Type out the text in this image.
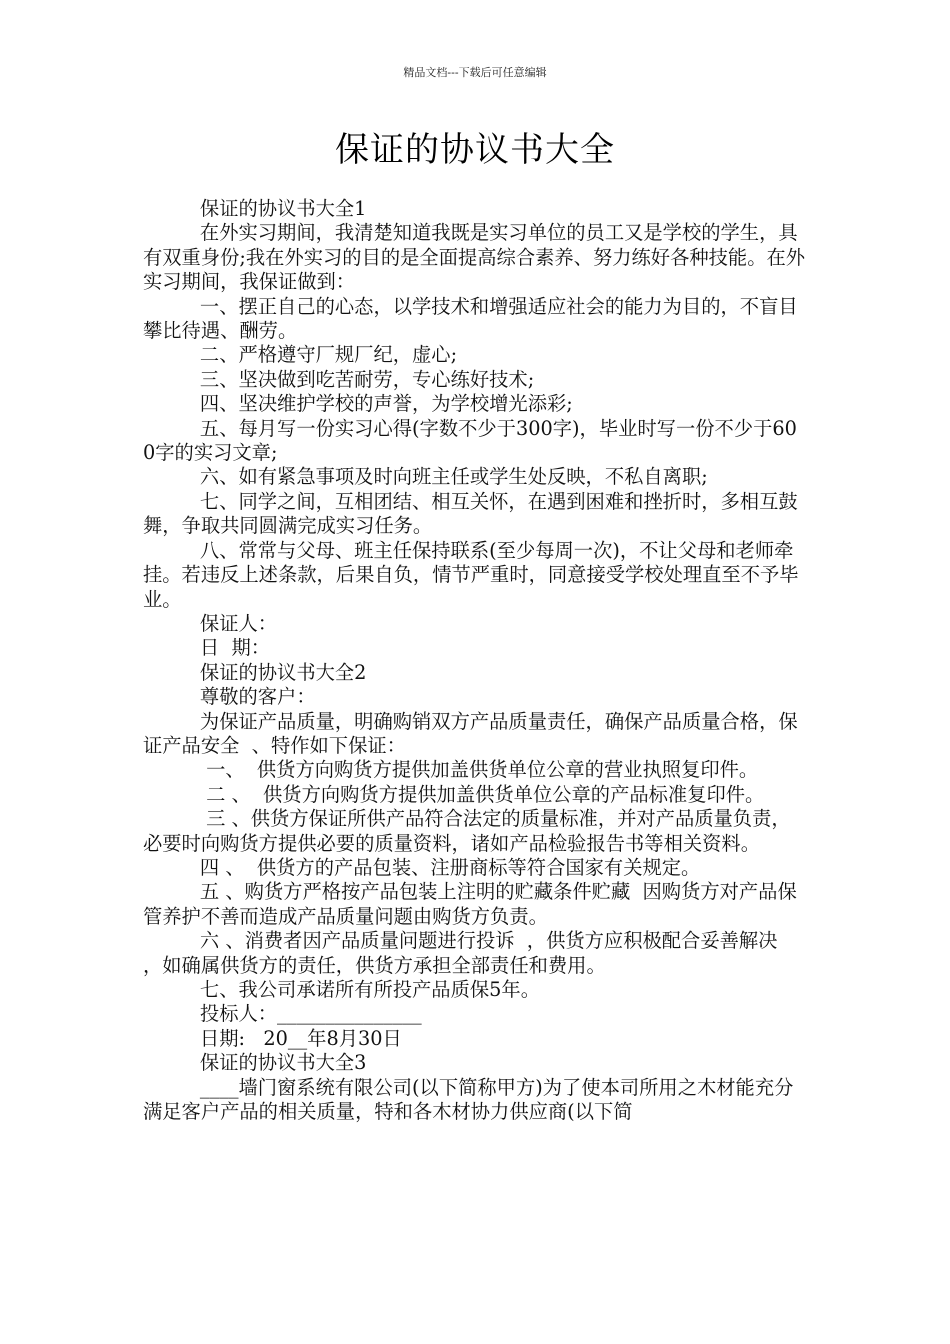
精品文档---下载后可任意编辑
保证的协议书大全

保证的协议书大全1

在外实习期间，我清楚知道我既是实习单位的员工又是学校的学生，具有双重身份;我在外实习的目的是全面提高综合素养、努力练好各种技能。在外实习期间，我保证做到：

一、摆正自己的心态，以学技术和增强适应社会的能力为目的，不盲目攀比待遇、酬劳。

二、严格遵守厂规厂纪，虚心;

三、坚决做到吃苦耐劳，专心练好技术;

四、坚决维护学校的声誉，为学校增光添彩;

五、每月写一份实习心得(字数不少于300字)，毕业时写一份不少于600字的实习文章;

六、如有紧急事项及时向班主任或学生处反映，不私自离职;

七、同学之间，互相团结、相互关怀，在遇到困难和挫折时，多相互鼓舞，争取共同圆满完成实习任务。

八、常常与父母、班主任保持联系(至少每周一次)，不让父母和老师牵挂。若违反上述条款，后果自负，情节严重时，同意接受学校处理直至不予毕业。

保证人：

日  期：

保证的协议书大全2

尊敬的客户：

为保证产品质量，明确购销双方产品质量责任，确保产品质量合格，保证产品安全  、特作如下保证：

一、  供货方向购货方提供加盖供货单位公章的营业执照复印件。

二 、  供货方向购货方提供加盖供货单位公章的产品标准复印件。

三 、供货方保证所供产品符合法定的质量标准，并对产品质量负责，必要时向购货方提供必要的质量资料，诸如产品检验报告书等相关资料。

四 、  供货方的产品包装、注册商标等符合国家有关规定。

五 、购货方严格按产品包装上注明的贮藏条件贮藏  因购货方对产品保管养护不善而造成产品质量问题由购货方负责。

六 、消费者因产品质量问题进行投诉  ，供货方应积极配合妥善解决  ，如确属供货方的责任，供货方承担全部责任和费用。

七、我公司承诺所有所投产品质保5年。

投标人：_______________

日期:   20__年8月30日

保证的协议书大全3

____墙门窗系统有限公司(以下简称甲方)为了使本司所用之木材能充分满足客户产品的相关质量，特和各木材协力供应商(以下简
